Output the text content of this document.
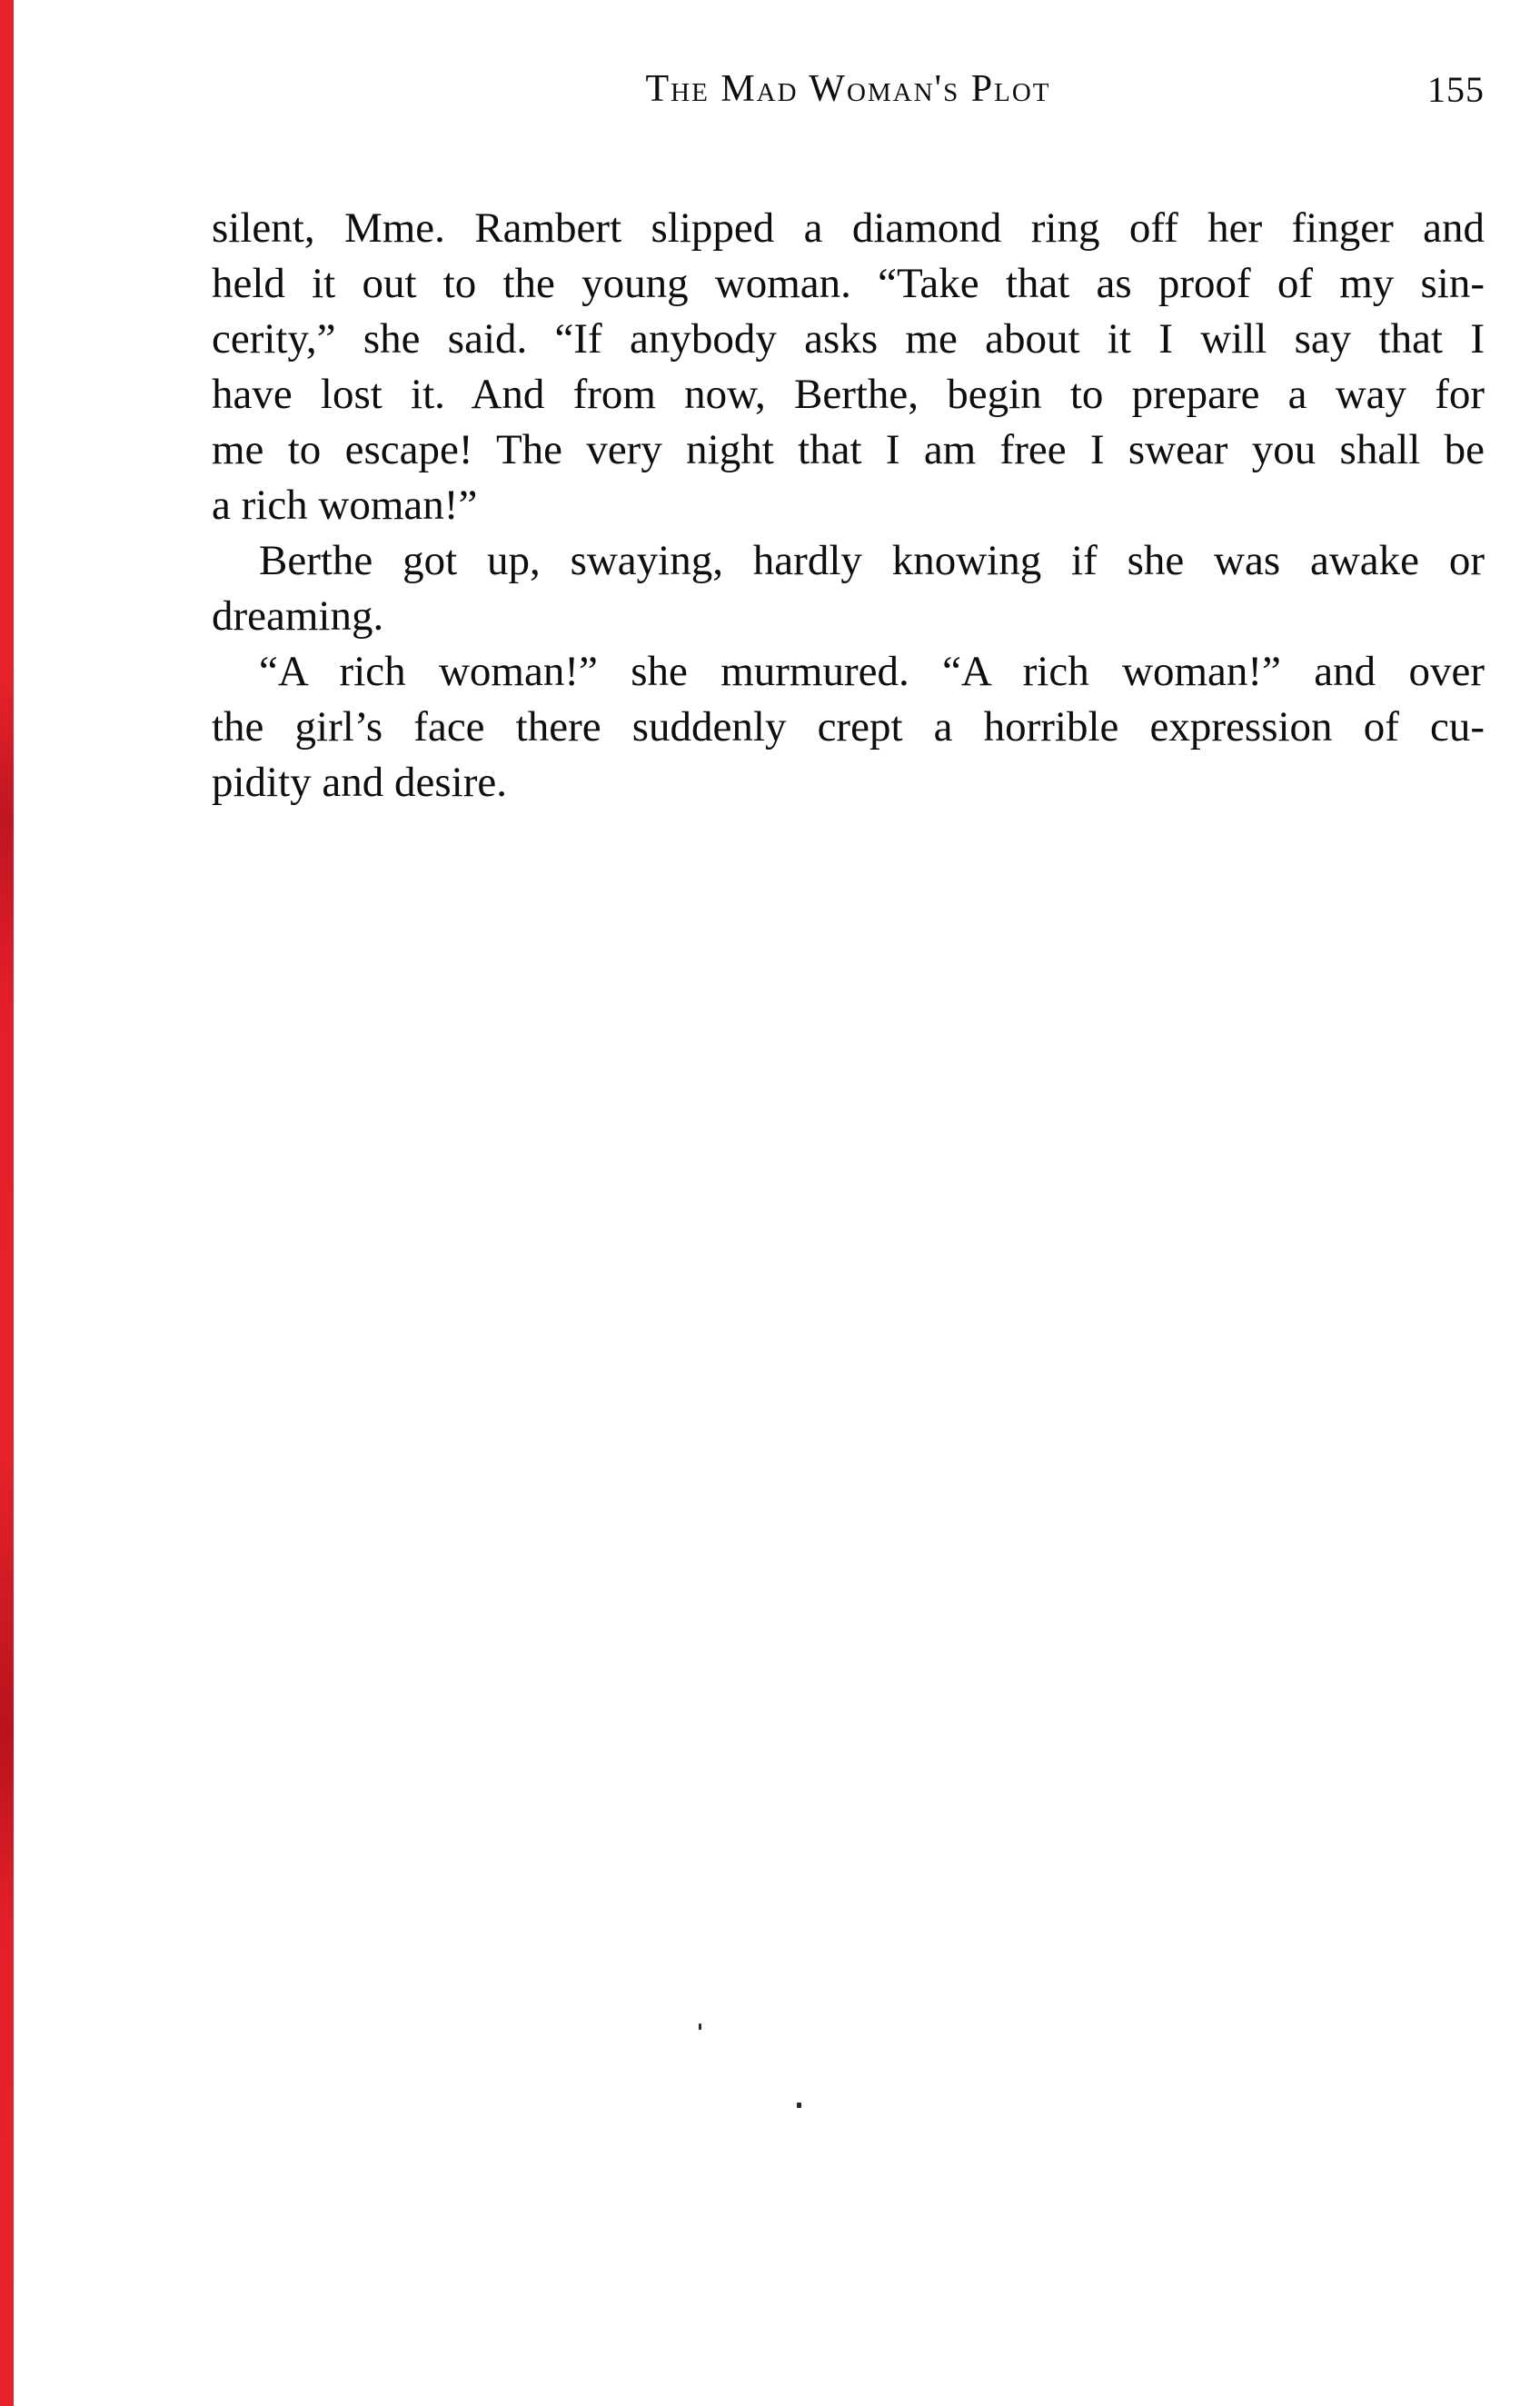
The Mad Woman's Plot	155
silent, Mme. Rambert slipped a diamond ring off her finger and
held it out to the young woman. “Take that as proof of my sin-
cerity,” she said. “If anybody asks me about it I will say that I
have lost it. And from now, Berthe, begin to prepare a way for
me to escape! The very night that I am free I swear you shall be
a rich woman!”
Berthe got up, swaying, hardly knowing if she was awake or
dreaming.
“A rich woman!” she murmured. “A rich woman!” and over
the girl’s face there suddenly crept a horrible expression of cu-
pidity and desire.
